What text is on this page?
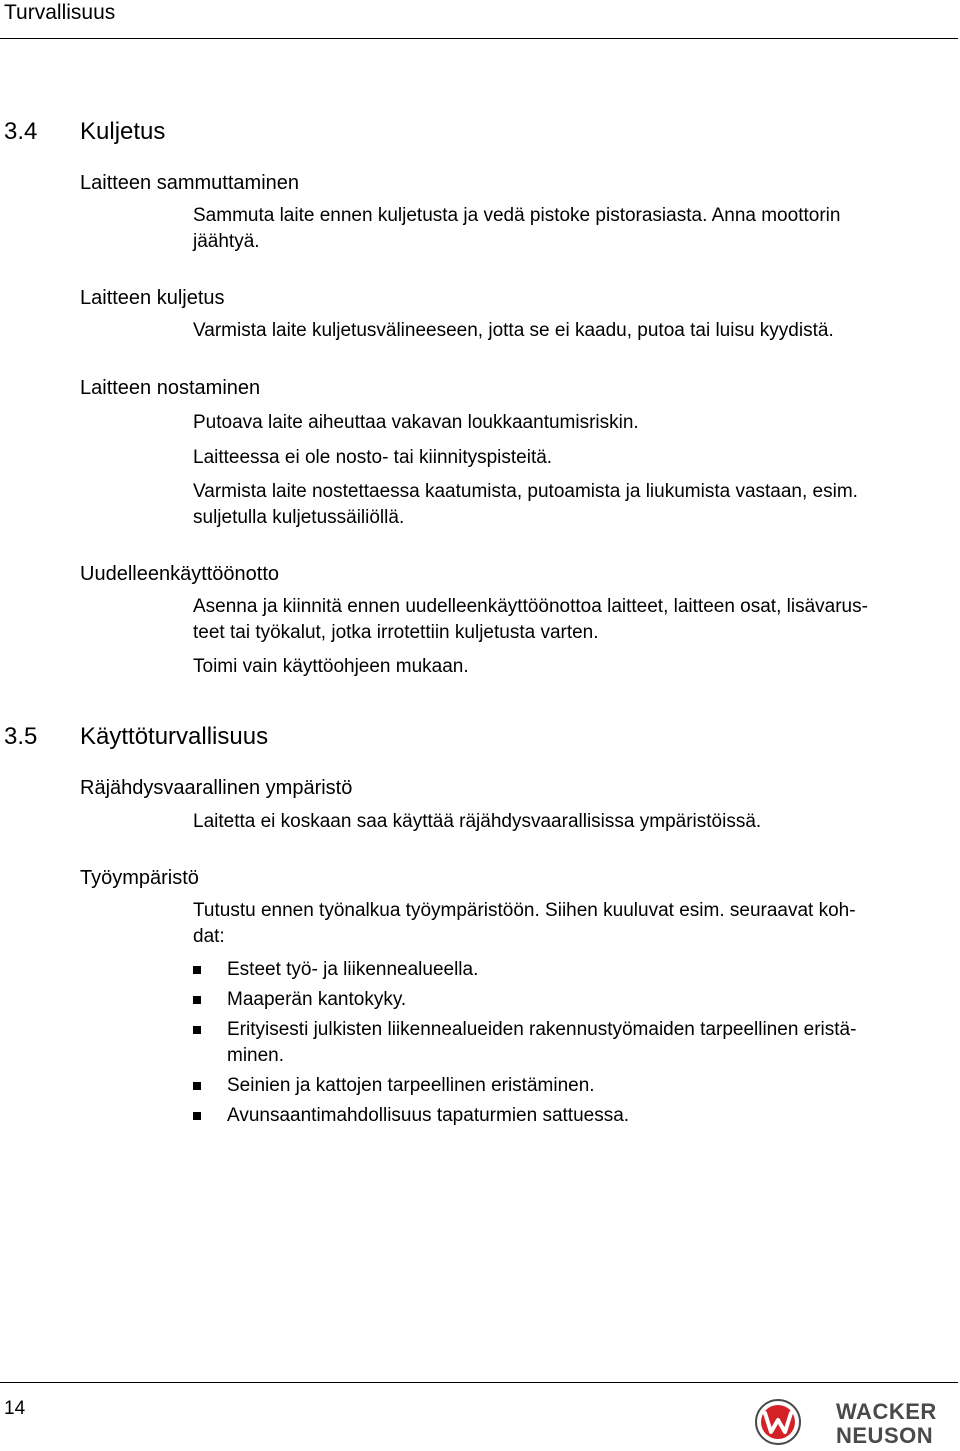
Turvallisuus
3.4 Kuljetus
Laitteen sammuttaminen
Sammuta laite ennen kuljetusta ja vedä pistoke pistorasiasta. Anna moottorin
jäähtyä.
Laitteen kuljetus
Varmista laite kuljetusvälineeseen, jotta se ei kaadu, putoa tai luisu kyydistä.
Laitteen nostaminen
Putoava laite aiheuttaa vakavan loukkaantumisriskin.
Laitteessa ei ole nosto- tai kiinnityspisteitä.
Varmista laite nostettaessa kaatumista, putoamista ja liukumista vastaan, esim.
suljetulla kuljetussäiliöllä.
Uudelleenkäyttöönotto
Asenna ja kiinnitä ennen uudelleenkäyttöönottoa laitteet, laitteen osat, lisävarus-
teet tai työkalut, jotka irrotettiin kuljetusta varten.
Toimi vain käyttöohjeen mukaan.
3.5 Käyttöturvallisuus
Räjähdysvaarallinen ympäristö
Laitetta ei koskaan saa käyttää räjähdysvaarallisissa ympäristöissä.
Työympäristö
Tutustu ennen työnalkua työympäristöön. Siihen kuuluvat esim. seuraavat koh-
dat:
Esteet työ- ja liikennealueella.
Maaperän kantokyky.
Erityisesti julkisten liikennealueiden rakennustyömaiden tarpeellinen eristä-
minen.
Seinien ja kattojen tarpeellinen eristäminen.
Avunsaantimahdollisuus tapaturmien sattuessa.
14	WACKER
NEUSON
